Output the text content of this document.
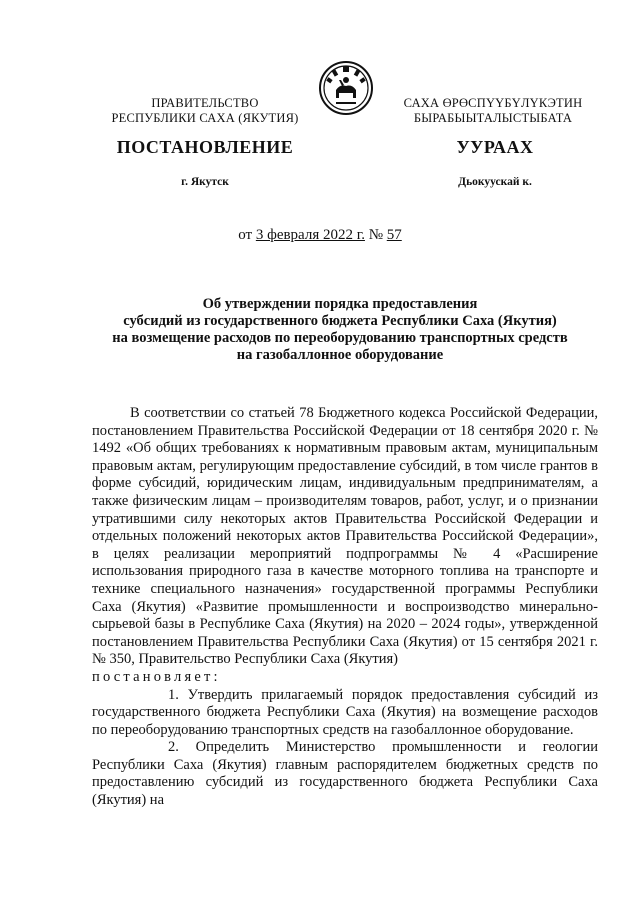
ПРАВИТЕЛЬСТВО
РЕСПУБЛИКИ САХА (ЯКУТИЯ)
САХА ӨРӨСПҮҮБҮЛҮКЭТИН
БЫРАБЫЫТАЛЫСТЫБАТА
ПОСТАНОВЛЕНИЕ	УУРААХ
г. Якутск	Дьокуускай к.
от 3 февраля 2022 г. № 57
Об утверждении порядка предоставления
субсидий из государственного бюджета Республики Саха (Якутия)
на возмещение расходов по переоборудованию транспортных средств
на газобаллонное оборудование

В соответствии со статьей 78 Бюджетного кодекса Российской Федерации, постановлением Правительства Российской Федерации от 18 сентября 2020 г. № 1492 «Об общих требованиях к нормативным правовым актам, муниципальным правовым актам, регулирующим предоставление субсидий, в том числе грантов в форме субсидий, юридическим лицам, индивидуальным предпринимателям, а также физическим лицам – производителям товаров, работ, услуг, и о признании утратившими силу некоторых актов Правительства Российской Федерации и отдельных положений некоторых актов Правительства Российской Федерации», в целях реализации мероприятий подпрограммы № 4 «Расширение использования природного газа в качестве моторного топлива на транспорте и технике специального назначения» государственной программы Республики Саха (Якутия) «Развитие промышленности и воспроизводство минерально-сырьевой базы в Республике Саха (Якутия) на 2020 – 2024 годы», утвержденной постановлением Правительства Республики Саха (Якутия) от 15 сентября 2021 г. № 350, Правительство Республики Саха (Якутия)

постановляет:

1. Утвердить прилагаемый порядок предоставления субсидий из государственного бюджета Республики Саха (Якутия) на возмещение расходов по переоборудованию транспортных средств на газобаллонное оборудование.

2. Определить Министерство промышленности и геологии Республики Саха (Якутия) главным распорядителем бюджетных средств по предоставлению субсидий из государственного бюджета Республики Саха (Якутия) на
